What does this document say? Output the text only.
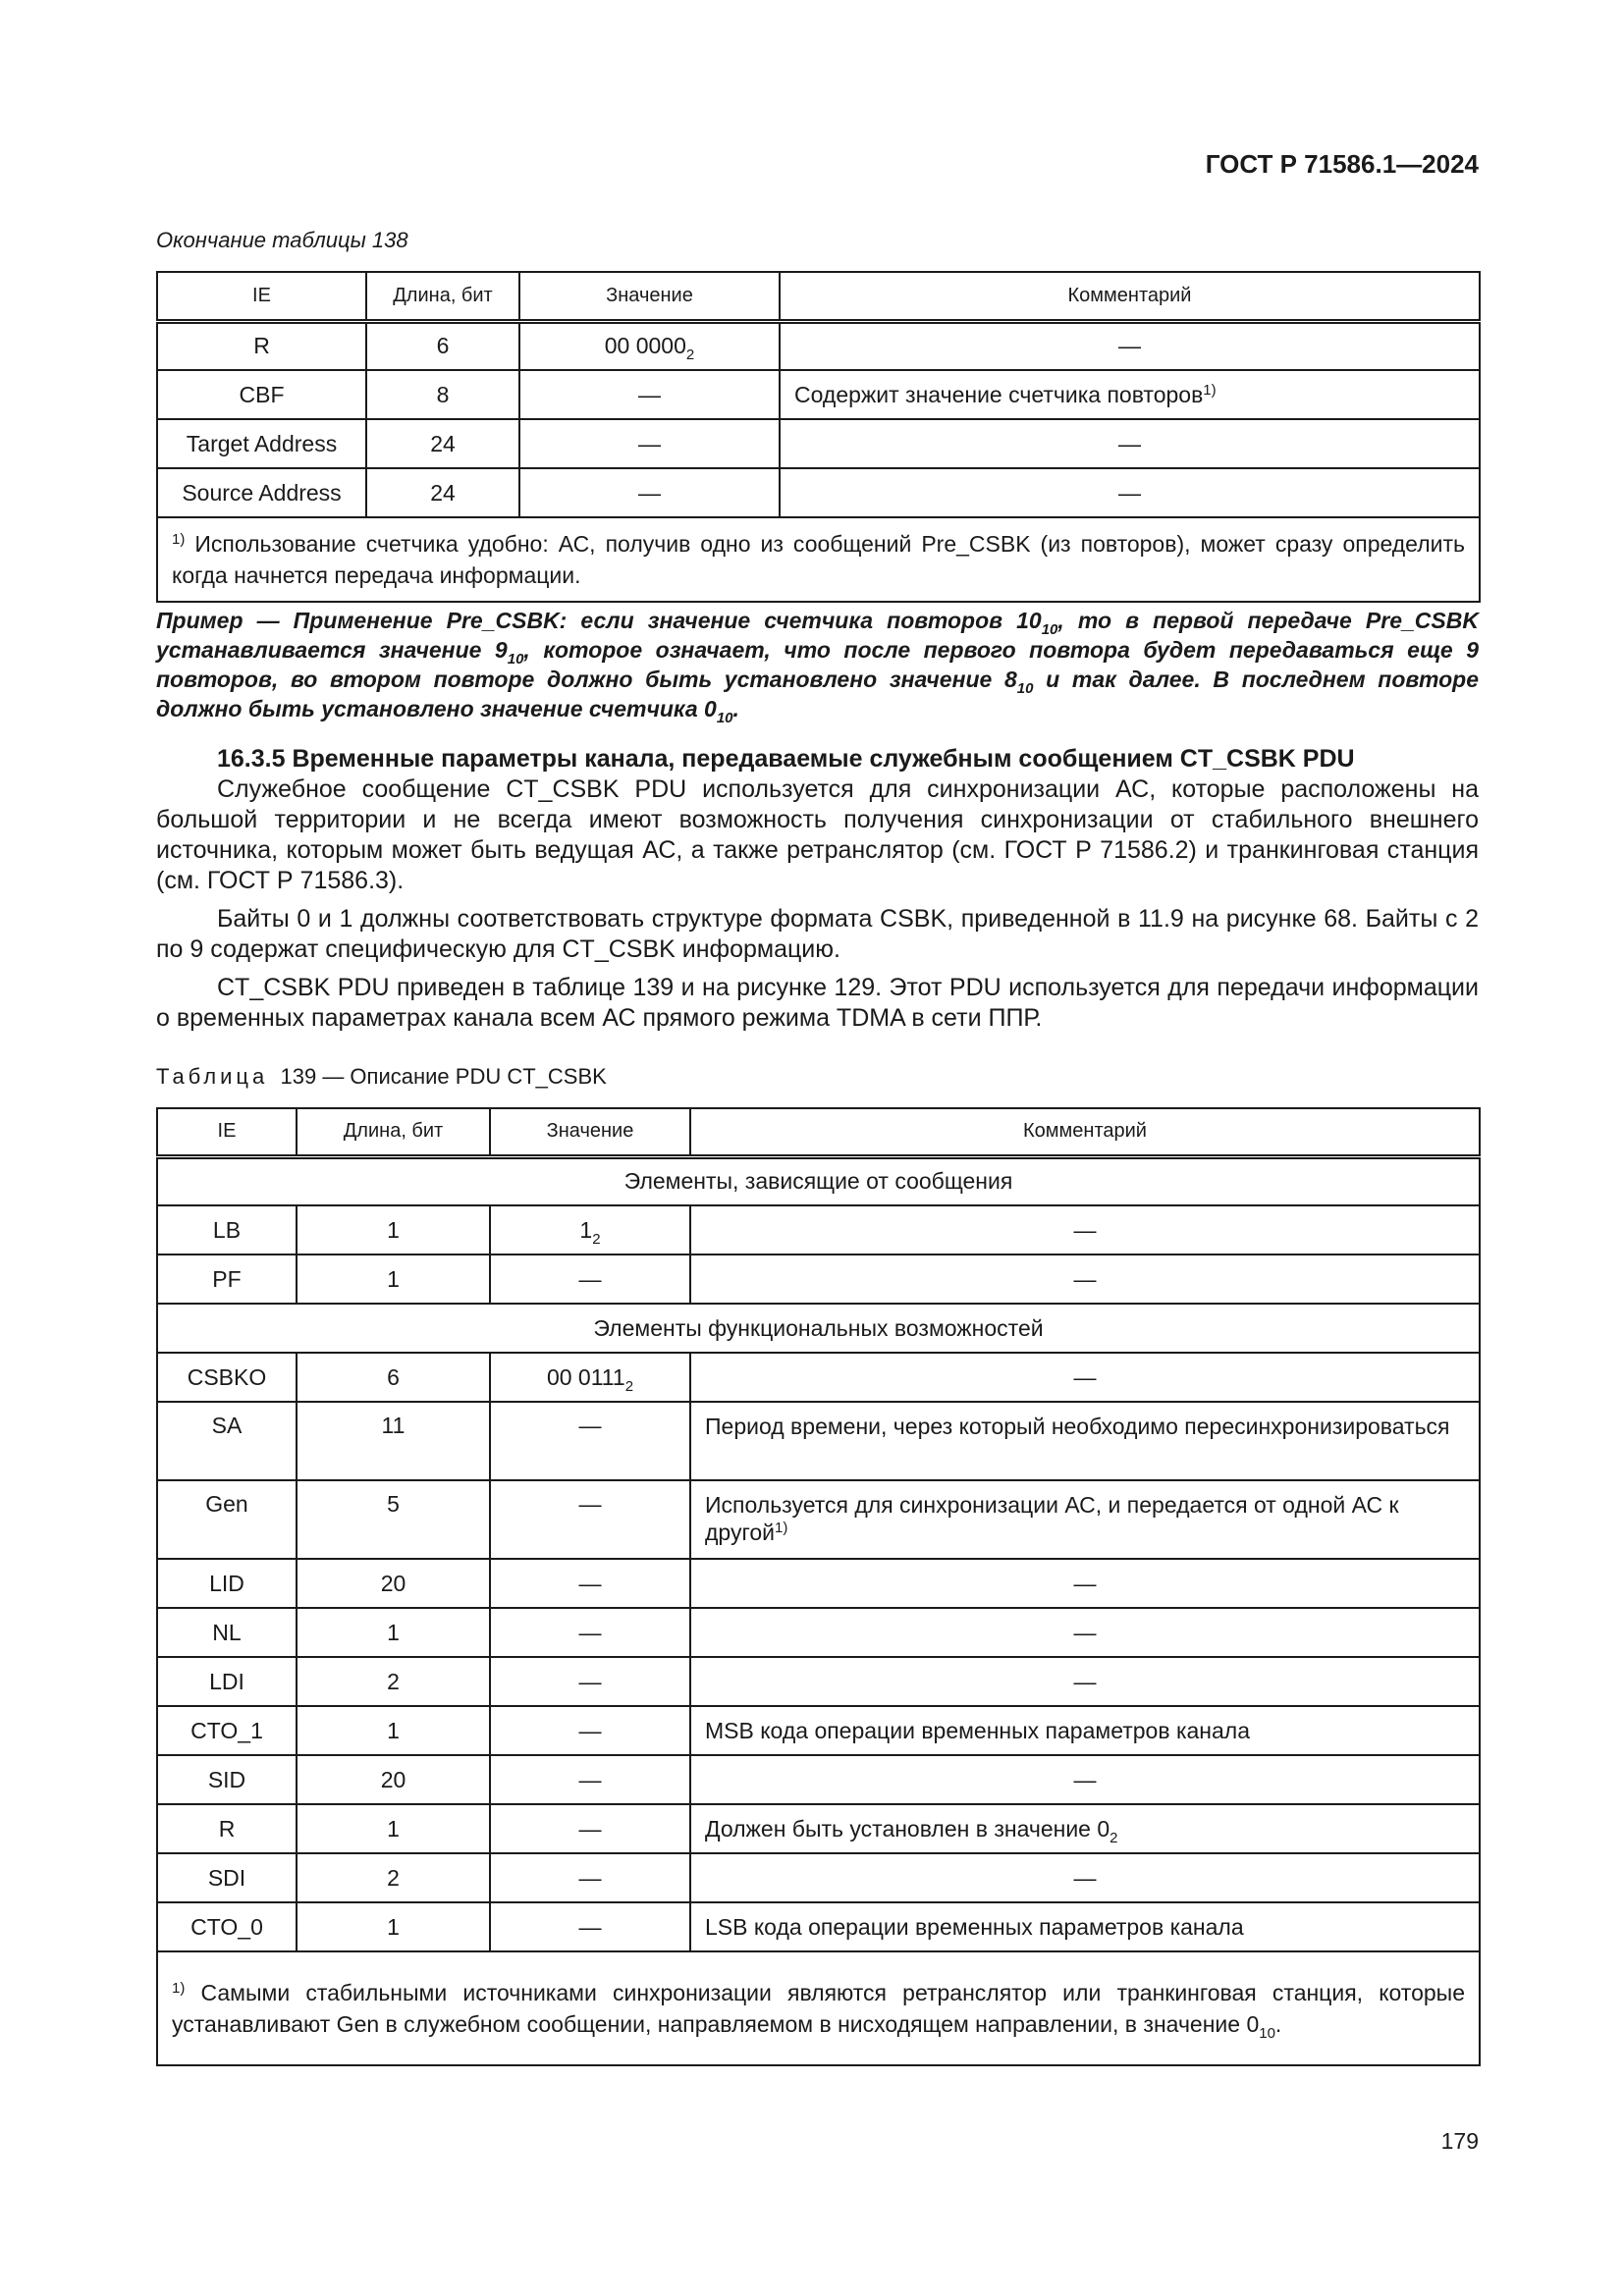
ГОСТ Р 71586.1—2024
Окончание таблицы 138
IE	Длина, бит	Значение	Комментарий
R	6	00 $0000_2$	—
CBF	8	—	Содержит значение счетчика повторов$^{1)}$
Target Address	24	—	—
Source Address	24	—	—
$^{1)}$ Использование счетчика удобно: АС, получив одно из сообщений Pre_CSBK (из повторов), может сразу определить когда начнется передача информации.			
Пример — Применение Pre_CSBK: если значение счетчика повторов $10_{10}$, то в первой передаче Pre_CSBK устанавливается значение $9_{10}$, которое означает, что после первого повтора будет передаваться еще 9 повторов, во втором повторе должно быть установлено значение $8_{10}$ и так далее. В последнем повторе должно быть установлено значение счетчика $0_{10}$.

16.3.5 Временные параметры канала, передаваемые служебным сообщением CT_CSBK PDU

Служебное сообщение CT_CSBK PDU используется для синхронизации АС, которые расположены на большой территории и не всегда имеют возможность получения синхронизации от стабильного внешнего источника, которым может быть ведущая АС, а также ретранслятор (см. ГОСТ Р 71586.2) и транкинговая станция (см. ГОСТ Р 71586.3).

Байты 0 и 1 должны соответствовать структуре формата CSBK, приведенной в 11.9 на рисунке 68. Байты с 2 по 9 содержат специфическую для CT_CSBK информацию.

CT_CSBK PDU приведен в таблице 139 и на рисунке 129. Этот PDU используется для передачи информации о временных параметрах канала всем АС прямого режима TDMA в сети ППР.

Таблица 139 — Описание PDU CT_CSBK
IE	Длина, бит	Значение	Комментарий
Элементы, зависящие от сообщения			
LB	1	$1_2$	—
PF	1	—	—
Элементы функциональных возможностей			
CSBKO	6	00 $0111_2$	—
SA	11	—	Период времени, через который необходимо пересинхронизироваться
Gen	5	—	Используется для синхронизации АС, и передается от одной АС к другой$^{1)}$
LID	20	—	—
NL	1	—	—
LDI	2	—	—
CTO_1	1	—	MSB кода операции временных параметров канала
SID	20	—	—
R	1	—	Должен быть установлен в значение $0_2$
SDI	2	—	—
CTO_0	1	—	LSB кода операции временных параметров канала
$^{1)}$ Самыми стабильными источниками синхронизации являются ретранслятор или транкинговая станция, которые устанавливают Gen в служебном сообщении, направляемом в нисходящем направлении, в значение $0_{10}$.			
179
